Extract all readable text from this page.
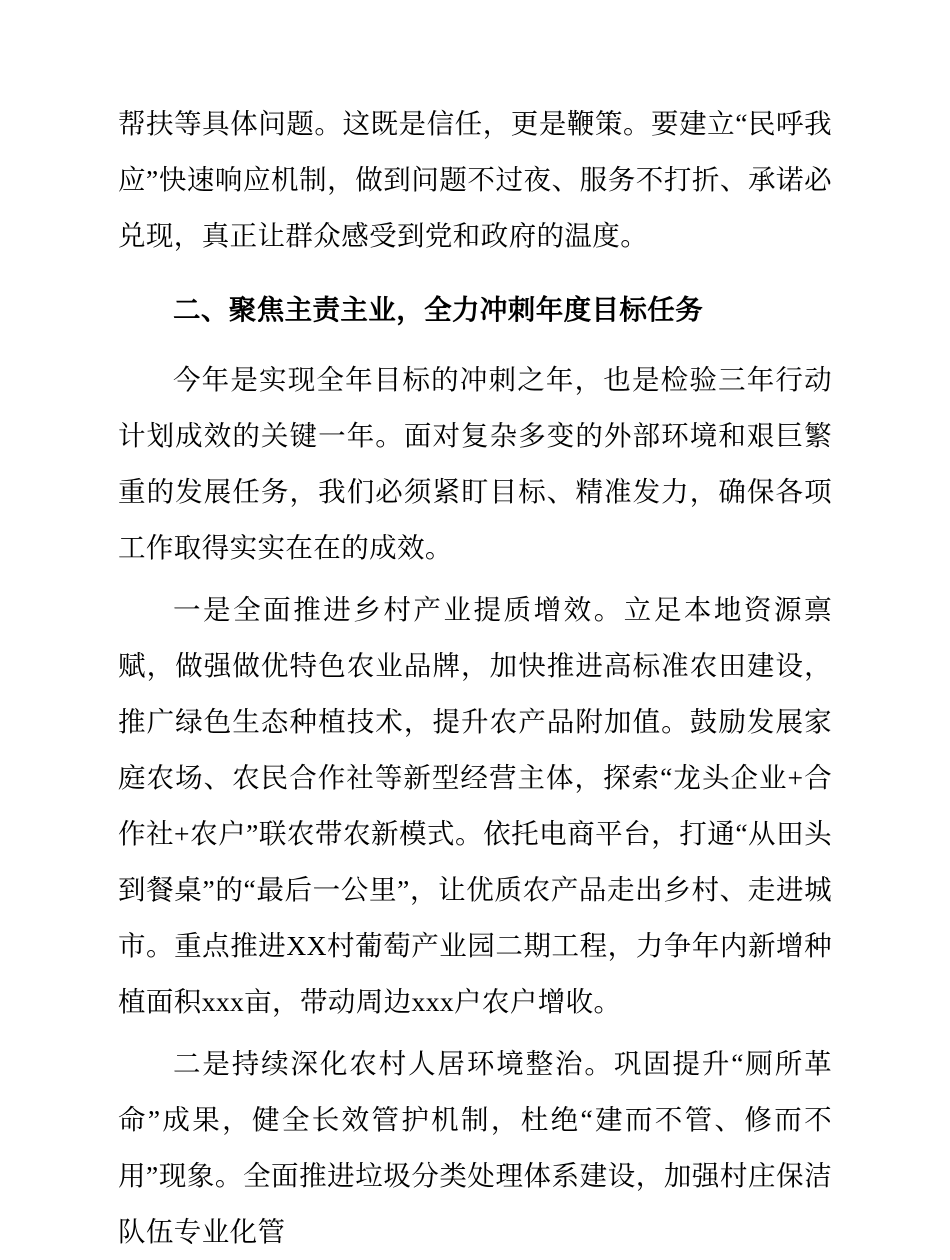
帮扶等具体问题。这既是信任，更是鞭策。要建立“民呼我应”快速响应机制，做到问题不过夜、服务不打折、承诺必兑现，真正让群众感受到党和政府的温度。

二、聚焦主责主业，全力冲刺年度目标任务

今年是实现全年目标的冲刺之年，也是检验三年行动计划成效的关键一年。面对复杂多变的外部环境和艰巨繁重的发展任务，我们必须紧盯目标、精准发力，确保各项工作取得实实在在的成效。

一是全面推进乡村产业提质增效。立足本地资源禀赋，做强做优特色农业品牌，加快推进高标准农田建设，推广绿色生态种植技术，提升农产品附加值。鼓励发展家庭农场、农民合作社等新型经营主体，探索“龙头企业+合作社+农户”联农带农新模式。依托电商平台，打通“从田头到餐桌”的“最后一公里”，让优质农产品走出乡村、走进城市。重点推进XX村葡萄产业园二期工程，力争年内新增种植面积xxx亩，带动周边xxx户农户增收。

二是持续深化农村人居环境整治。巩固提升“厕所革命”成果，健全长效管护机制，杜绝“建而不管、修而不用”现象。全面推进垃圾分类处理体系建设，加强村庄保洁队伍专业化管
